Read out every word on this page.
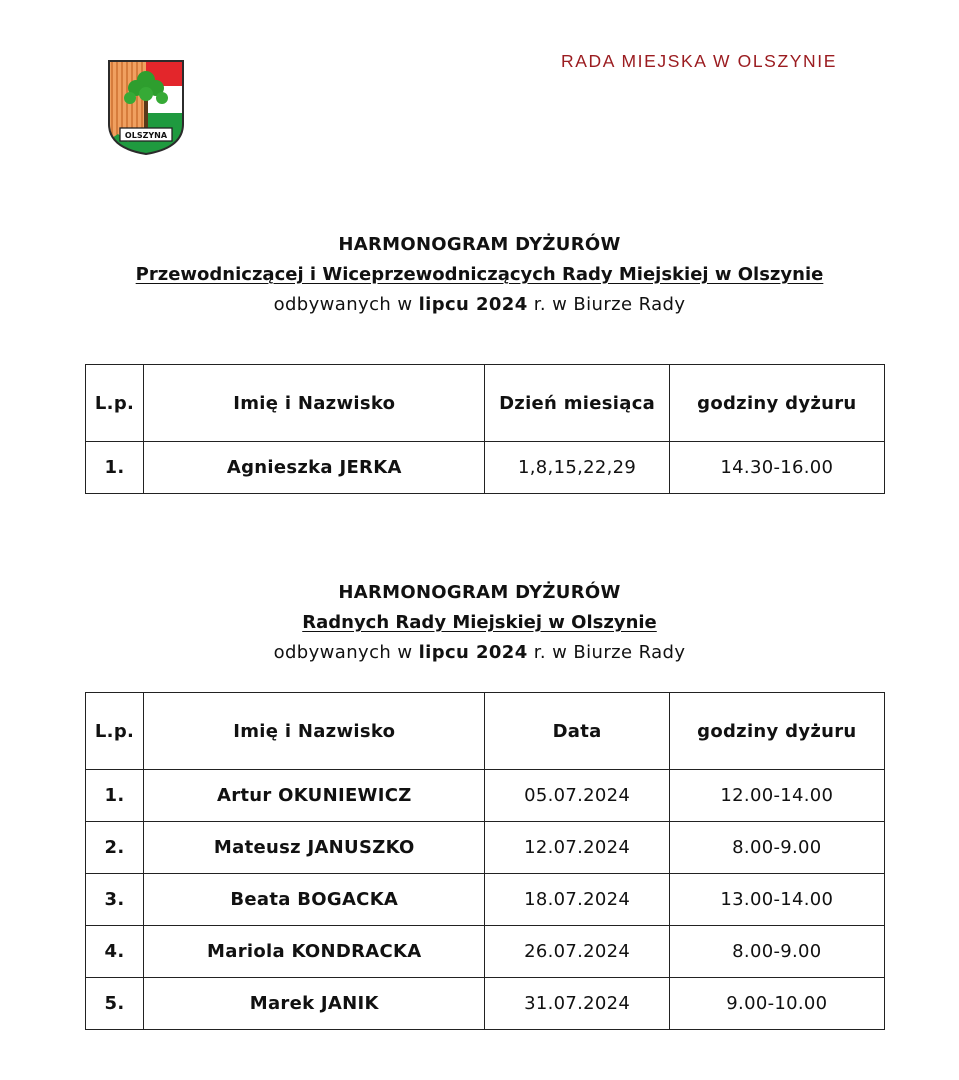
OLSZYNA
RADA MIEJSKA W OLSZYNIE
HARMONOGRAM DYŻURÓW
Przewodniczącej i Wiceprzewodniczących Rady Miejskiej w Olszynie
odbywanych w lipcu 2024 r. w Biurze Rady
L.p.	Imię i Nazwisko	Dzień miesiąca	godziny dyżuru
1.	Agnieszka JERKA	1,8,15,22,29	14.30-16.00
HARMONOGRAM DYŻURÓW
Radnych Rady Miejskiej w Olszynie
odbywanych w lipcu 2024 r. w Biurze Rady
L.p.	Imię i Nazwisko	Data	godziny dyżuru
1.	Artur OKUNIEWICZ	05.07.2024	12.00-14.00
2.	Mateusz JANUSZKO	12.07.2024	8.00-9.00
3.	Beata BOGACKA	18.07.2024	13.00-14.00
4.	Mariola KONDRACKA	26.07.2024	8.00-9.00
5.	Marek JANIK	31.07.2024	9.00-10.00
